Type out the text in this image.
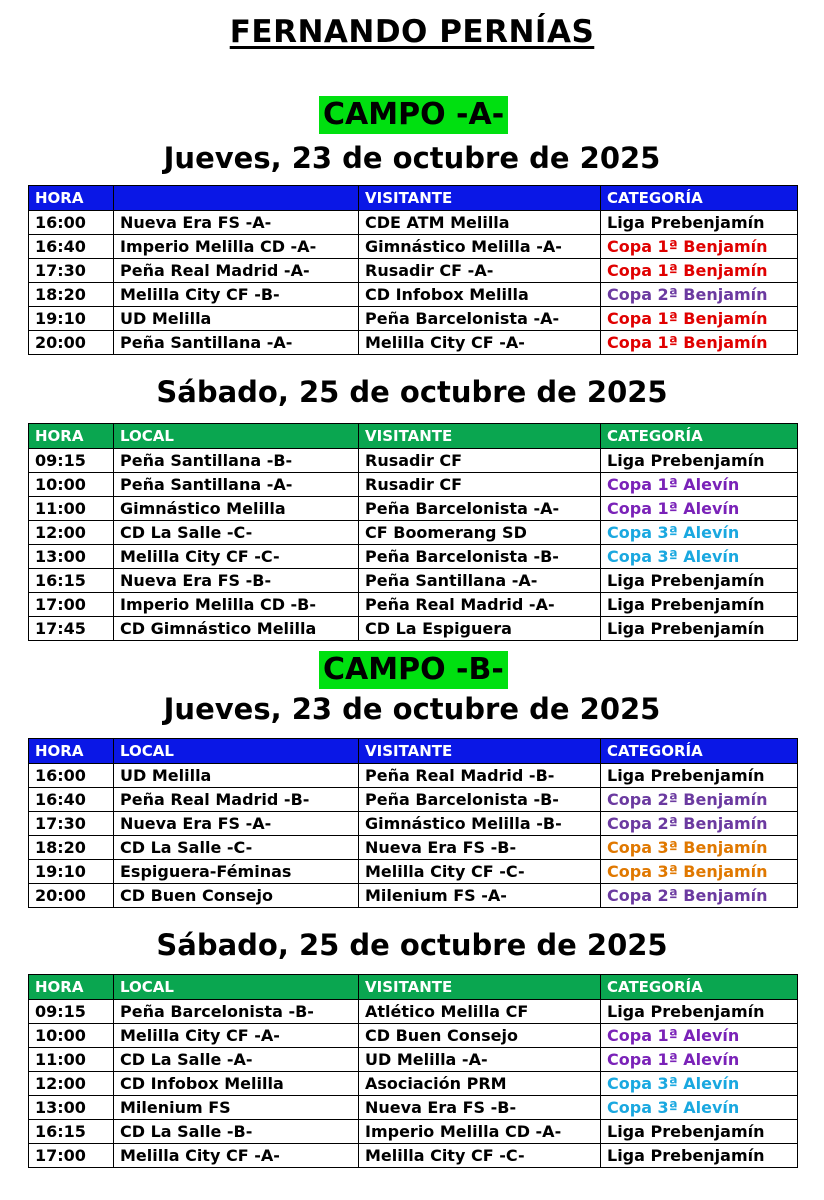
FERNANDO PERNÍAS
CAMPO -A-
Jueves, 23 de octubre de 2025
HORA		VISITANTE	CATEGORÍA
16:00	Nueva Era FS -A-	CDE ATM Melilla	Liga Prebenjamín
16:40	Imperio Melilla CD -A-	Gimnástico Melilla -A-	Copa 1ª Benjamín
17:30	Peña Real Madrid -A-	Rusadir CF -A-	Copa 1ª Benjamín
18:20	Melilla City CF -B-	CD Infobox Melilla	Copa 2ª Benjamín
19:10	UD Melilla	Peña Barcelonista -A-	Copa 1ª Benjamín
20:00	Peña Santillana -A-	Melilla City CF -A-	Copa 1ª Benjamín
Sábado, 25 de octubre de 2025
HORA	LOCAL	VISITANTE	CATEGORÍA
09:15	Peña Santillana -B-	Rusadir CF	Liga Prebenjamín
10:00	Peña Santillana -A-	Rusadir CF	Copa 1ª Alevín
11:00	Gimnástico Melilla	Peña Barcelonista -A-	Copa 1ª Alevín
12:00	CD La Salle -C-	CF Boomerang SD	Copa 3ª Alevín
13:00	Melilla City CF -C-	Peña Barcelonista -B-	Copa 3ª Alevín
16:15	Nueva Era FS -B-	Peña Santillana -A-	Liga Prebenjamín
17:00	Imperio Melilla CD -B-	Peña Real Madrid -A-	Liga Prebenjamín
17:45	CD Gimnástico Melilla	CD La Espiguera	Liga Prebenjamín
CAMPO -B-
Jueves, 23 de octubre de 2025
HORA	LOCAL	VISITANTE	CATEGORÍA
16:00	UD Melilla	Peña Real Madrid -B-	Liga Prebenjamín
16:40	Peña Real Madrid -B-	Peña Barcelonista -B-	Copa 2ª Benjamín
17:30	Nueva Era FS -A-	Gimnástico Melilla -B-	Copa 2ª Benjamín
18:20	CD La Salle -C-	Nueva Era FS -B-	Copa 3ª Benjamín
19:10	Espiguera-Féminas	Melilla City CF -C-	Copa 3ª Benjamín
20:00	CD Buen Consejo	Milenium FS -A-	Copa 2ª Benjamín
Sábado, 25 de octubre de 2025
HORA	LOCAL	VISITANTE	CATEGORÍA
09:15	Peña Barcelonista -B-	Atlético Melilla CF	Liga Prebenjamín
10:00	Melilla City CF -A-	CD Buen Consejo	Copa 1ª Alevín
11:00	CD La Salle -A-	UD Melilla -A-	Copa 1ª Alevín
12:00	CD Infobox Melilla	Asociación PRM	Copa 3ª Alevín
13:00	Milenium FS	Nueva Era FS -B-	Copa 3ª Alevín
16:15	CD La Salle -B-	Imperio Melilla CD -A-	Liga Prebenjamín
17:00	Melilla City CF -A-	Melilla City CF -C-	Liga Prebenjamín
